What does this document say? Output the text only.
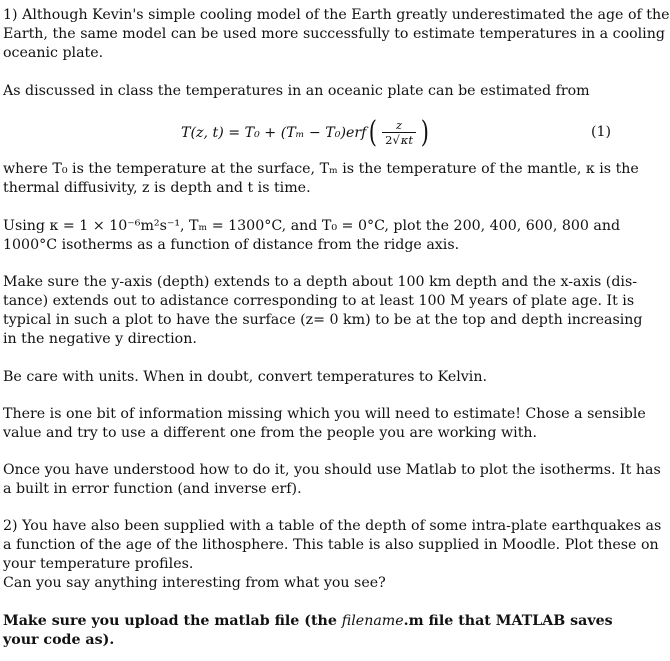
1) Although Kevin's simple cooling model of the Earth greatly underestimated the age of the
Earth, the same model can be used more successfully to estimate temperatures in a cooling
oceanic plate.
As discussed in class the temperatures in an oceanic plate can be estimated from
T(z, t) = T₀ + (Tₘ − T₀)erf ( $\frac{z}{2√\kappa t}$ )	(1)
where T₀ is the temperature at the surface, Tₘ is the temperature of the mantle, κ is the
thermal diffusivity, z is depth and t is time.
Using κ = 1 × 10⁻⁶m²s⁻¹, Tₘ = 1300°C, and T₀ = 0°C, plot the 200, 400, 600, 800 and
1000°C isotherms as a function of distance from the ridge axis.
Make sure the y-axis (depth) extends to a depth about 100 km depth and the x-axis (dis-
tance) extends out to adistance corresponding to at least 100 M years of plate age. It is
typical in such a plot to have the surface (z= 0 km) to be at the top and depth increasing
in the negative y direction.
Be care with units. When in doubt, convert temperatures to Kelvin.
There is one bit of information missing which you will need to estimate! Chose a sensible
value and try to use a different one from the people you are working with.
Once you have understood how to do it, you should use Matlab to plot the isotherms. It has
a built in error function (and inverse erf).
2) You have also been supplied with a table of the depth of some intra-plate earthquakes as
a function of the age of the lithosphere. This table is also supplied in Moodle. Plot these on
your temperature profiles.
Can you say anything interesting from what you see?
Make sure you upload the matlab file (the filename.m file that MATLAB saves
your code as).
